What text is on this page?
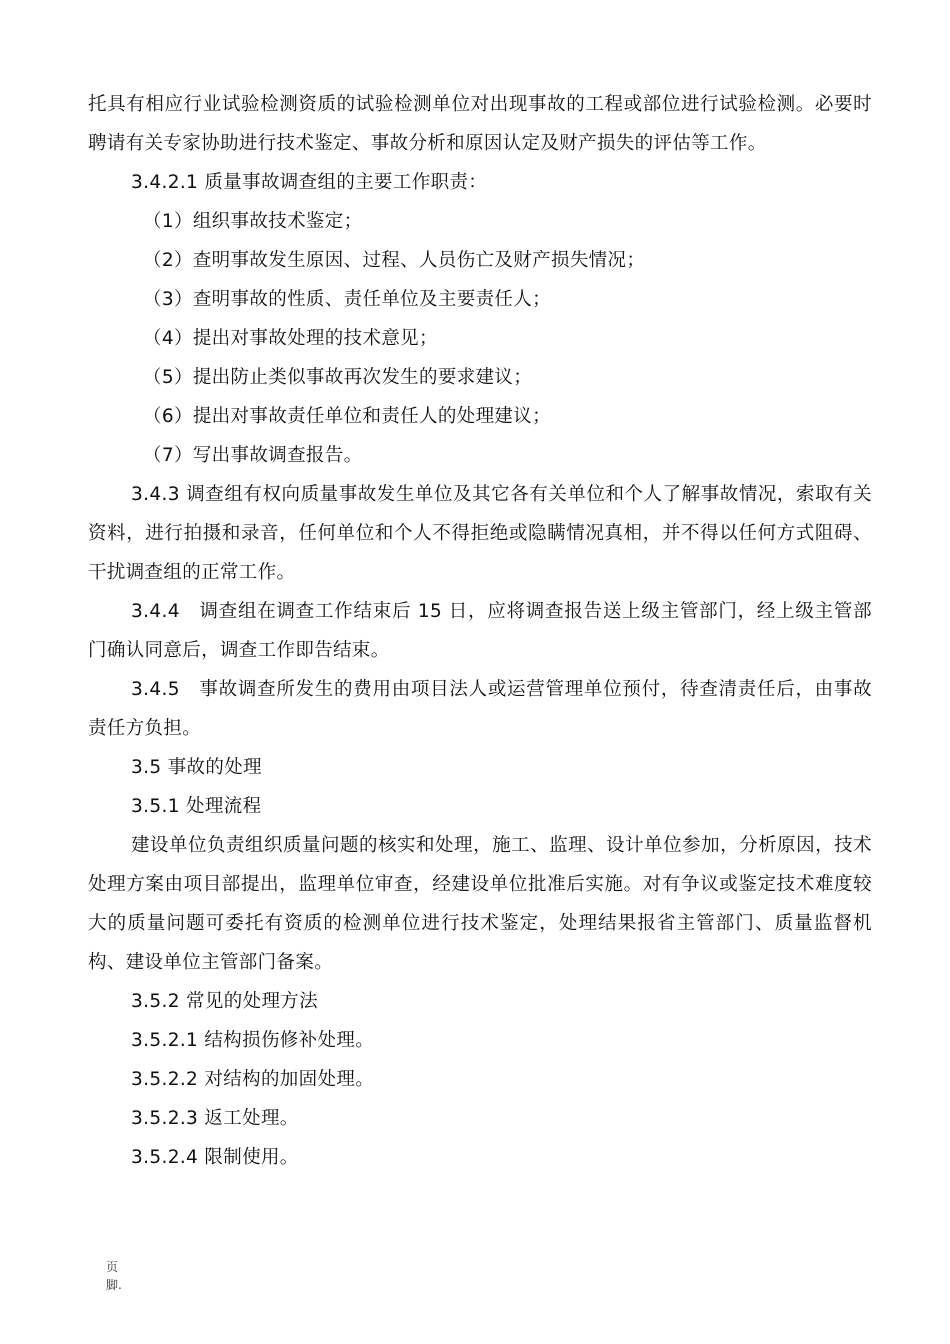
托具有相应行业试验检测资质的试验检测单位对出现事故的工程或部位进行试验检测。必要时聘请有关专家协助进行技术鉴定、事故分析和原因认定及财产损失的评估等工作。

3.4.2.1 质量事故调查组的主要工作职责：

（1）组织事故技术鉴定；

（2）查明事故发生原因、过程、人员伤亡及财产损失情况；

（3）查明事故的性质、责任单位及主要责任人；

（4）提出对事故处理的技术意见；

（5）提出防止类似事故再次发生的要求建议；

（6）提出对事故责任单位和责任人的处理建议；

（7）写出事故调查报告。

3.4.3 调查组有权向质量事故发生单位及其它各有关单位和个人了解事故情况，索取有关资料，进行拍摄和录音，任何单位和个人不得拒绝或隐瞒情况真相，并不得以任何方式阻碍、干扰调查组的正常工作。

3.4.4　调查组在调查工作结束后 15 日，应将调查报告送上级主管部门，经上级主管部门确认同意后，调查工作即告结束。

3.4.5　事故调查所发生的费用由项目法人或运营管理单位预付，待查清责任后，由事故责任方负担。

3.5 事故的处理

3.5.1 处理流程

建设单位负责组织质量问题的核实和处理，施工、监理、设计单位参加，分析原因，技术处理方案由项目部提出，监理单位审查，经建设单位批准后实施。对有争议或鉴定技术难度较大的质量问题可委托有资质的检测单位进行技术鉴定，处理结果报省主管部门、质量监督机构、建设单位主管部门备案。

3.5.2 常见的处理方法

3.5.2.1 结构损伤修补处理。

3.5.2.2 对结构的加固处理。

3.5.2.3 返工处理。

3.5.2.4 限制使用。

页
脚.
